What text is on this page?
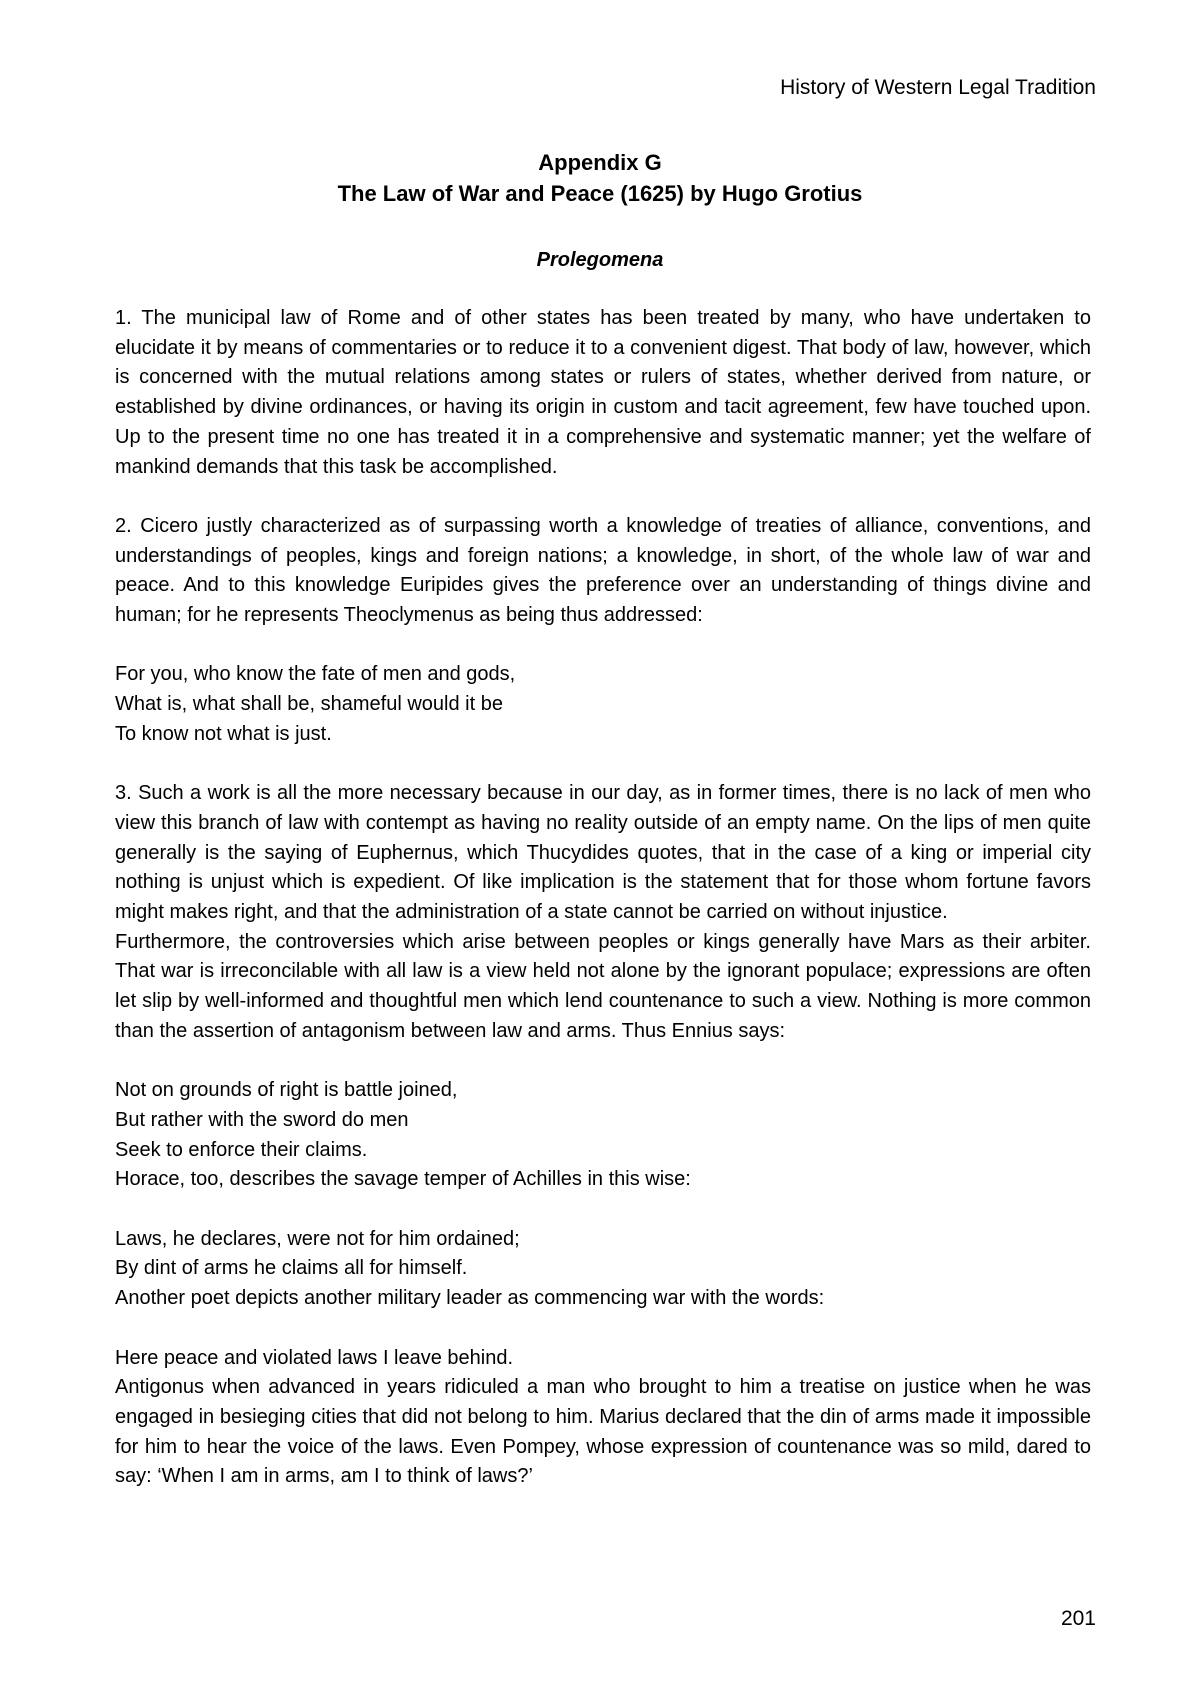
History of Western Legal Tradition
Appendix G
The Law of War and Peace (1625) by Hugo Grotius
Prolegomena

1. The municipal law of Rome and of other states has been treated by many, who have undertaken to elucidate it by means of commentaries or to reduce it to a convenient digest. That body of law, however, which is concerned with the mutual relations among states or rulers of states, whether derived from nature, or established by divine ordinances, or having its origin in custom and tacit agreement, few have touched upon. Up to the present time no one has treated it in a comprehensive and systematic manner; yet the welfare of mankind demands that this task be accomplished.

2. Cicero justly characterized as of surpassing worth a knowledge of treaties of alliance, conventions, and understandings of peoples, kings and foreign nations; a knowledge, in short, of the whole law of war and peace. And to this knowledge Euripides gives the preference over an understanding of things divine and human; for he represents Theoclymenus as being thus addressed:

For you, who know the fate of men and gods,

What is, what shall be, shameful would it be

To know not what is just.

3. Such a work is all the more necessary because in our day, as in former times, there is no lack of men who view this branch of law with contempt as having no reality outside of an empty name. On the lips of men quite generally is the saying of Euphernus, which Thucydides quotes, that in the case of a king or imperial city nothing is unjust which is expedient. Of like implication is the statement that for those whom fortune favors might makes right, and that the administration of a state cannot be carried on without injustice.

Furthermore, the controversies which arise between peoples or kings generally have Mars as their arbiter. That war is irreconcilable with all law is a view held not alone by the ignorant populace; expressions are often let slip by well-informed and thoughtful men which lend countenance to such a view. Nothing is more common than the assertion of antagonism between law and arms. Thus Ennius says:

Not on grounds of right is battle joined,

But rather with the sword do men

Seek to enforce their claims.

Horace, too, describes the savage temper of Achilles in this wise:

Laws, he declares, were not for him ordained;

By dint of arms he claims all for himself.

Another poet depicts another military leader as commencing war with the words:

Here peace and violated laws I leave behind.

Antigonus when advanced in years ridiculed a man who brought to him a treatise on justice when he was engaged in besieging cities that did not belong to him. Marius declared that the din of arms made it impossible for him to hear the voice of the laws. Even Pompey, whose expression of countenance was so mild, dared to say: ‘When I am in arms, am I to think of laws?’

201
